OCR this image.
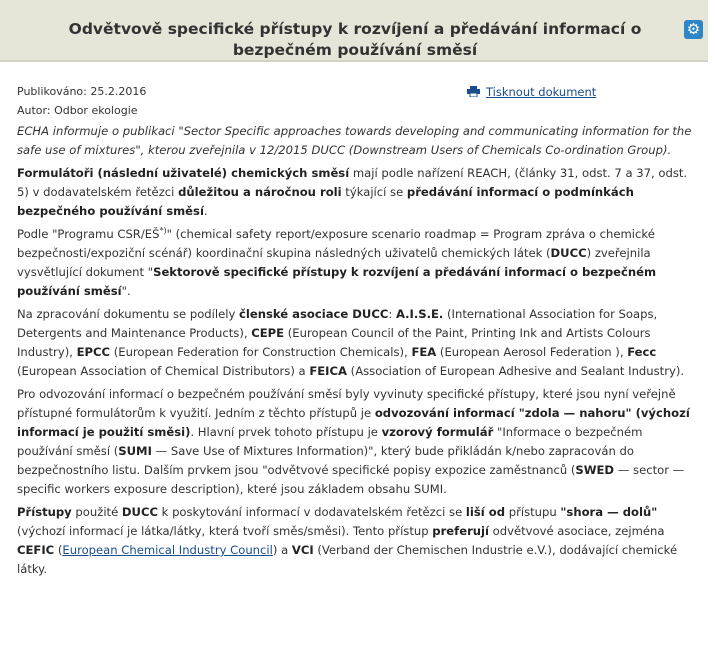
Odvětvově specifické přístupy k rozvíjení a předávání informací o bezpečném používání směsí
⚙
Publikováno: 25.2.2016
Autor: Odbor ekologie
Tisknout dokument

ECHA informuje o publikaci "Sector Specific approaches towards developing and communicating information for the safe use of mixtures", kterou zveřejnila v 12/2015 DUCC (Downstream Users of Chemicals Co-ordination Group).

Formulátoři (následní uživatelé) chemických směsí mají podle nařízení REACH, (články 31, odst. 7 a 37, odst. 5) v dodavatelském řetězci důležitou a náročnou roli týkající se předávání informací o podmínkách bezpečného používání směsí.

Podle "Programu CSR/EŠ*)" (chemical safety report/exposure scenario roadmap = Program zpráva o chemické bezpečnosti/expoziční scénář) koordinační skupina následných uživatelů chemických látek (DUCC) zveřejnila vysvětlující dokument "Sektorově specifické přístupy k rozvíjení a předávání informací o bezpečném používání směsí".

Na zpracování dokumentu se podílely členské asociace DUCC: A.I.S.E. (International Association for Soaps, Detergents and Maintenance Products), CEPE (European Council of the Paint, Printing Ink and Artists Colours Industry), EPCC (European Federation for Construction Chemicals), FEA (European Aerosol Federation ), Fecc (European Association of Chemical Distributors) a FEICA (Association of European Adhesive and Sealant Industry).

Pro odvozování informací o bezpečném používání směsí byly vyvinuty specifické přístupy, které jsou nyní veřejně přístupné formulátorům k využití. Jedním z těchto přístupů je odvozování informací "zdola — nahoru" (výchozí informací je použití směsi). Hlavní prvek tohoto přístupu je vzorový formulář "Informace o bezpečném používání směsí (SUMI — Save Use of Mixtures Information)", který bude přikládán k/nebo zapracován do bezpečnostního listu. Dalším prvkem jsou "odvětvové specifické popisy expozice zaměstnanců (SWED — sector — specific workers exposure description), které jsou základem obsahu SUMI.

Přístupy použité DUCC k poskytování informací v dodavatelském řetězci se liší od přístupu "shora — dolů" (výchozí informací je látka/látky, která tvoří směs/směsi). Tento přístup preferují odvětvové asociace, zejména CEFIC (European Chemical Industry Council) a VCI (Verband der Chemischen Industrie e.V.), dodávající chemické látky.
